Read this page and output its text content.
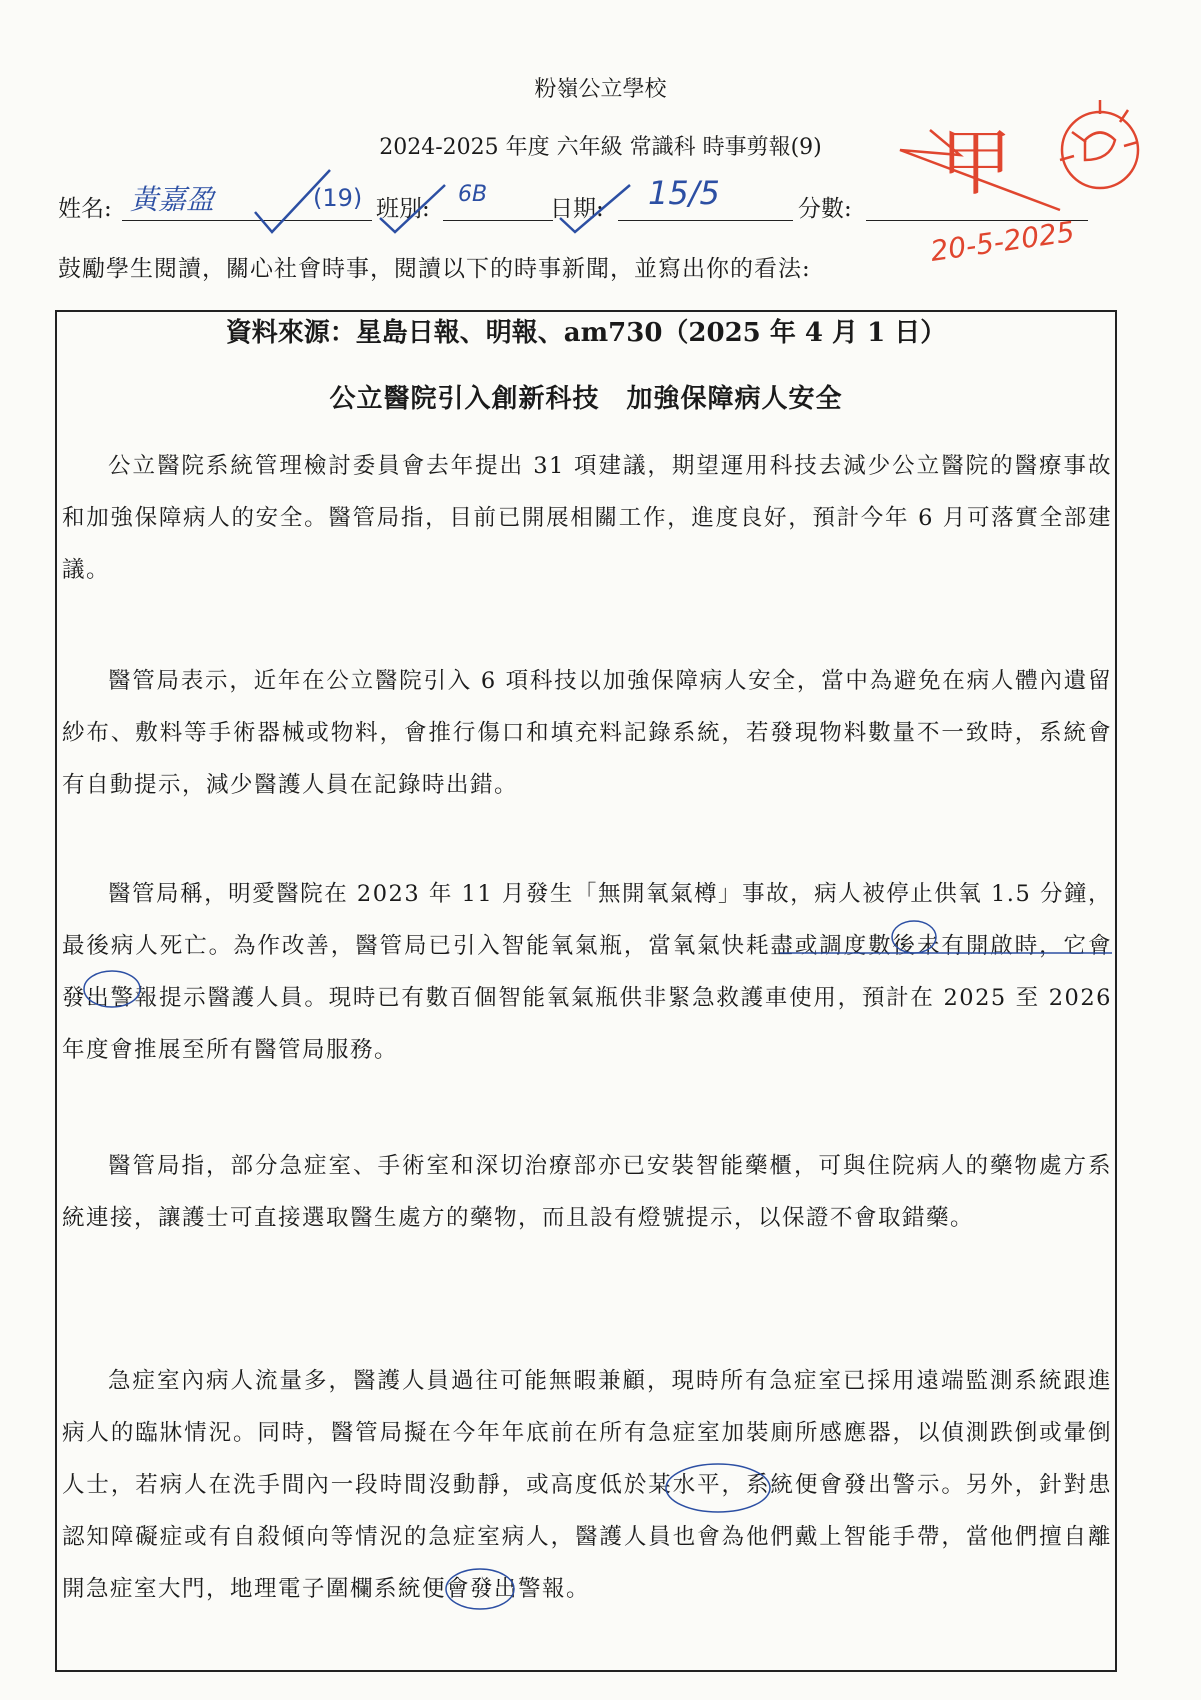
粉嶺公立學校
2024-2025 年度 六年級 常識科 時事剪報(9)
姓名: 黃嘉盈	(19) 班別:
6B
日期: 15/5	分數:
鼓勵學生閱讀，關心社會時事，閱讀以下的時事新聞，並寫出你的看法:
資料來源：星島日報、明報、am730（2025 年 4 月 1 日）
公立醫院引入創新科技　加強保障病人安全

公立醫院系統管理檢討委員會去年提出 31 項建議，期望運用科技去減少公立醫院的醫療事故和加強保障病人的安全。醫管局指，目前已開展相關工作，進度良好，預計今年 6 月可落實全部建議。

醫管局表示，近年在公立醫院引入 6 項科技以加強保障病人安全，當中為避免在病人體內遺留紗布、敷料等手術器械或物料，會推行傷口和填充料記錄系統，若發現物料數量不一致時，系統會有自動提示，減少醫護人員在記錄時出錯。

醫管局稱，明愛醫院在 2023 年 11 月發生「無開氧氣樽」事故，病人被停止供氧 1.5 分鐘，最後病人死亡。為作改善，醫管局已引入智能氧氣瓶，當氧氣快耗盡或調度數後未有開啟時，它會發出警報提示醫護人員。現時已有數百個智能氧氣瓶供非緊急救護車使用，預計在 2025 至 2026 年度會推展至所有醫管局服務。

醫管局指，部分急症室、手術室和深切治療部亦已安裝智能藥櫃，可與住院病人的藥物處方系統連接，讓護士可直接選取醫生處方的藥物，而且設有燈號提示，以保證不會取錯藥。

急症室內病人流量多，醫護人員過往可能無暇兼顧，現時所有急症室已採用遠端監測系統跟進病人的臨牀情況。同時，醫管局擬在今年年底前在所有急症室加裝廁所感應器，以偵測跌倒或暈倒人士，若病人在洗手間內一段時間沒動靜，或高度低於某水平，系統便會發出警示。另外，針對患認知障礙症或有自殺傾向等情況的急症室病人，醫護人員也會為他們戴上智能手帶，當他們擅自離開急症室大門，地理電子圍欄系統便會發出警報。

甲
20-5-2025
